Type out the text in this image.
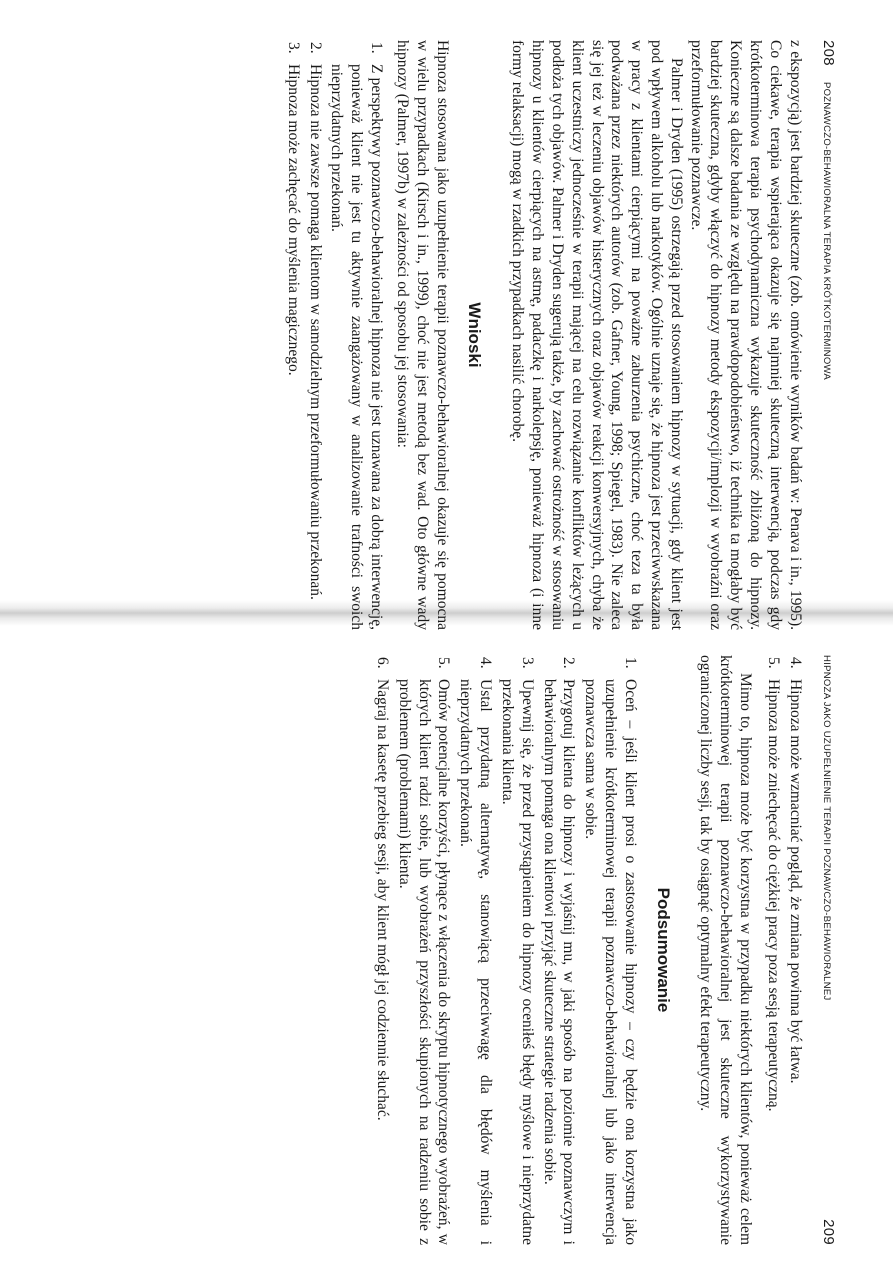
208
POZNAWCZO-BEHAWIORALNA TERAPIA KRÓTKOTERMINOWA

z ekspozycją) jest bardziej skuteczne (zob. omówienie wyników badań w: Penava i in., 1995). Co ciekawe, terapia wspierająca okazuje się najmniej skuteczną interwencją, podczas gdy krótkoterminowa terapia psychodynamiczna wykazuje skuteczność zbliżoną do hipnozy. Konieczne są dalsze badania ze względu na prawdopodobieństwo, iż technika ta mogłaby być bardziej skuteczna, gdyby włączyć do hipnozy metody ekspozycji/implozji w wyobraźni oraz przeformułowanie poznawcze.

Palmer i Dryden (1995) ostrzegają przed stosowaniem hipnozy w sytuacji, gdy klient jest pod wpływem alkoholu lub narkotyków. Ogólnie uznaje się, że hipnoza jest przeciwwskazana w pracy z klientami cierpiącymi na poważne zaburzenia psychiczne, choć teza ta była podważana przez niektórych autorów (zob. Gafner, Young, 1998; Spiegel, 1983). Nie zaleca się jej też w leczeniu objawów histerycznych oraz objawów reakcji konwersyjnych, chyba że klient uczestniczy jednocześnie w terapii mającej na celu rozwiązanie konfliktów leżących u podłoża tych objawów. Palmer i Dryden sugerują także, by zachować ostrożność w stosowaniu hipnozy u klientów cierpiących na astmę, padaczkę i narkolepsję, ponieważ hipnoza (i inne formy relaksacji) mogą w rzadkich przypadkach nasilić chorobę.

Wnioski

Hipnoza stosowana jako uzupełnienie terapii poznawczo-behawioralnej okazuje się pomocna w wielu przypadkach (Kirsch i in., 1999), choć nie jest metodą bez wad. Oto główne wady hipnozy (Palmer, 1997b) w zależności od sposobu jej stosowania:

1.
Z perspektywy poznawczo-behawioralnej hipnoza nie jest uznawana za dobrą interwencję, ponieważ klient nie jest tu aktywnie zaangażowany w analizowanie trafności swoich nieprzydatnych przekonań.
2.
Hipnoza nie zawsze pomaga klientom w samodzielnym przeformułowaniu przekonań.
3.
Hipnoza może zachęcać do myślenia magicznego.
HIPNOZA JAKO UZUPEŁNIENIE TERAPII POZNAWCZO-BEHAWIORALNEJ
209
4.
Hipnoza może wzmacniać pogląd, że zmiana powinna być łatwa.
5.
Hipnoza może zniechęcać do ciężkiej pracy poza sesją terapeutyczną.

Mimo to, hipnoza może być korzystna w przypadku niektórych klientów, ponieważ celem krótkoterminowej terapii poznawczo-behawioralnej jest skuteczne wykorzystywanie ograniczonej liczby sesji, tak by osiągnąć optymalny efekt terapeutyczny.

Podsumowanie
1.
Oceń – jeśli klient prosi o zastosowanie hipnozy – czy będzie ona korzystna jako uzupełnienie krótkoterminowej terapii poznawczo-behawioralnej lub jako interwencja poznawcza sama w sobie.
2.
Przygotuj klienta do hipnozy i wyjaśnij mu, w jaki sposób na poziomie poznawczym i behawioralnym pomaga ona klientowi przyjąć skuteczne strategie radzenia sobie.
3.
Upewnij się, że przed przystąpieniem do hipnozy oceniłeś błędy myślowe i nieprzydatne przekonania klienta.
4.
Ustal przydatną alternatywę, stanowiącą przeciwwagę dla błędów myślenia i nieprzydatnych przekonań.
5.
Omów potencjalne korzyści, płynące z włączenia do skryptu hipnotycznego wyobrażeń, w których klient radzi sobie, lub wyobrażeń przyszłości skupionych na radzeniu sobie z problemem (problemami) klienta.
6.
Nagraj na kasetę przebieg sesji, aby klient mógł jej codziennie słuchać.
